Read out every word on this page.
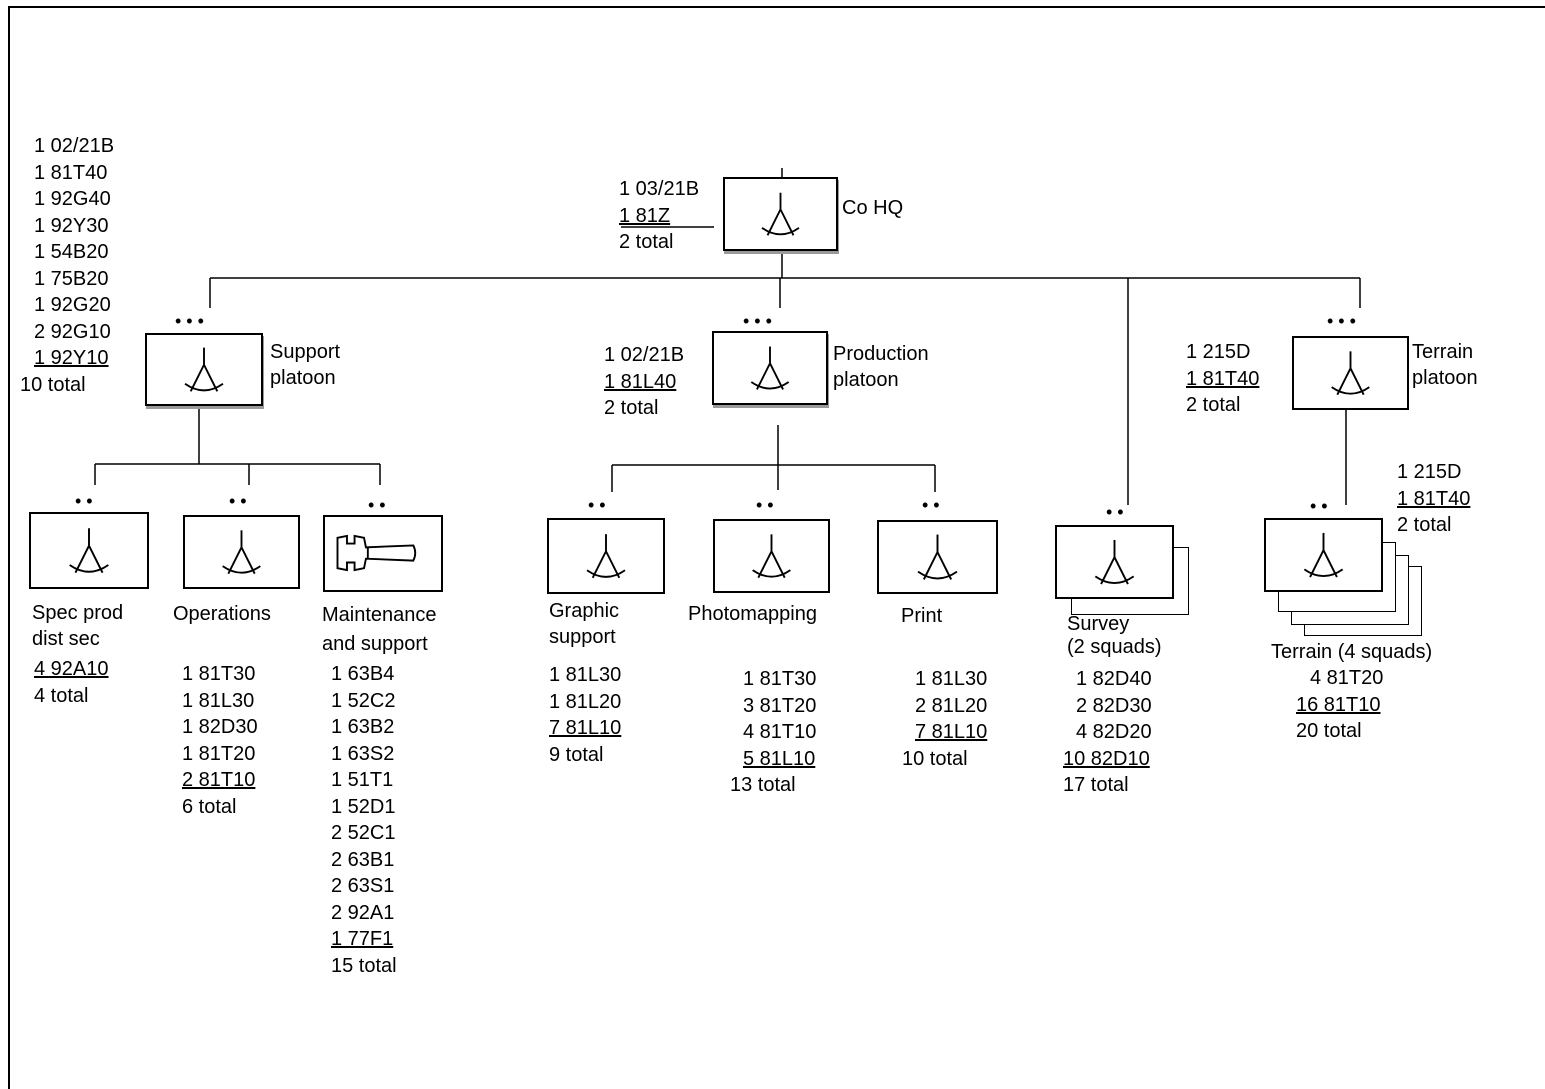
Co HQ
1 03/21B
1 81Z
2 total
• • •
Support
platoon
1 02/21B
1 81T40
1 92G40
1 92Y30
1 54B20
1 75B20
1 92G20
2 92G10
1 92Y10
10 total
• • •
Production
platoon
1 02/21B
1 81L40
2 total
• • •
Terrain
platoon
1 215D
1 81T40
2 total
• •
Spec prod
dist sec
4 92A10
4 total
• •
Operations
1 81T30
1 81L30
1 82D30
1 81T20
2 81T10
6 total
• •
Maintenance
and support
1 63B4
1 52C2
1 63B2
1 63S2
1 51T1
1 52D1
2 52C1
2 63B1
2 63S1
2 92A1
1 77F1
15 total
• •
Graphic
support
1 81L30
1 81L20
7 81L10
9 total
• •
Photomapping
1 81T30
3 81T20
4 81T10
5 81L10
13 total
• •
Print
1 81L30
2 81L20
7 81L10
10 total
• •
Survey
(2 squads)
1 82D40
2 82D30
4 82D20
10 82D10
17 total
• •
1 215D
1 81T40
2 total
Terrain (4 squads)
4 81T20
16 81T10
20 total
